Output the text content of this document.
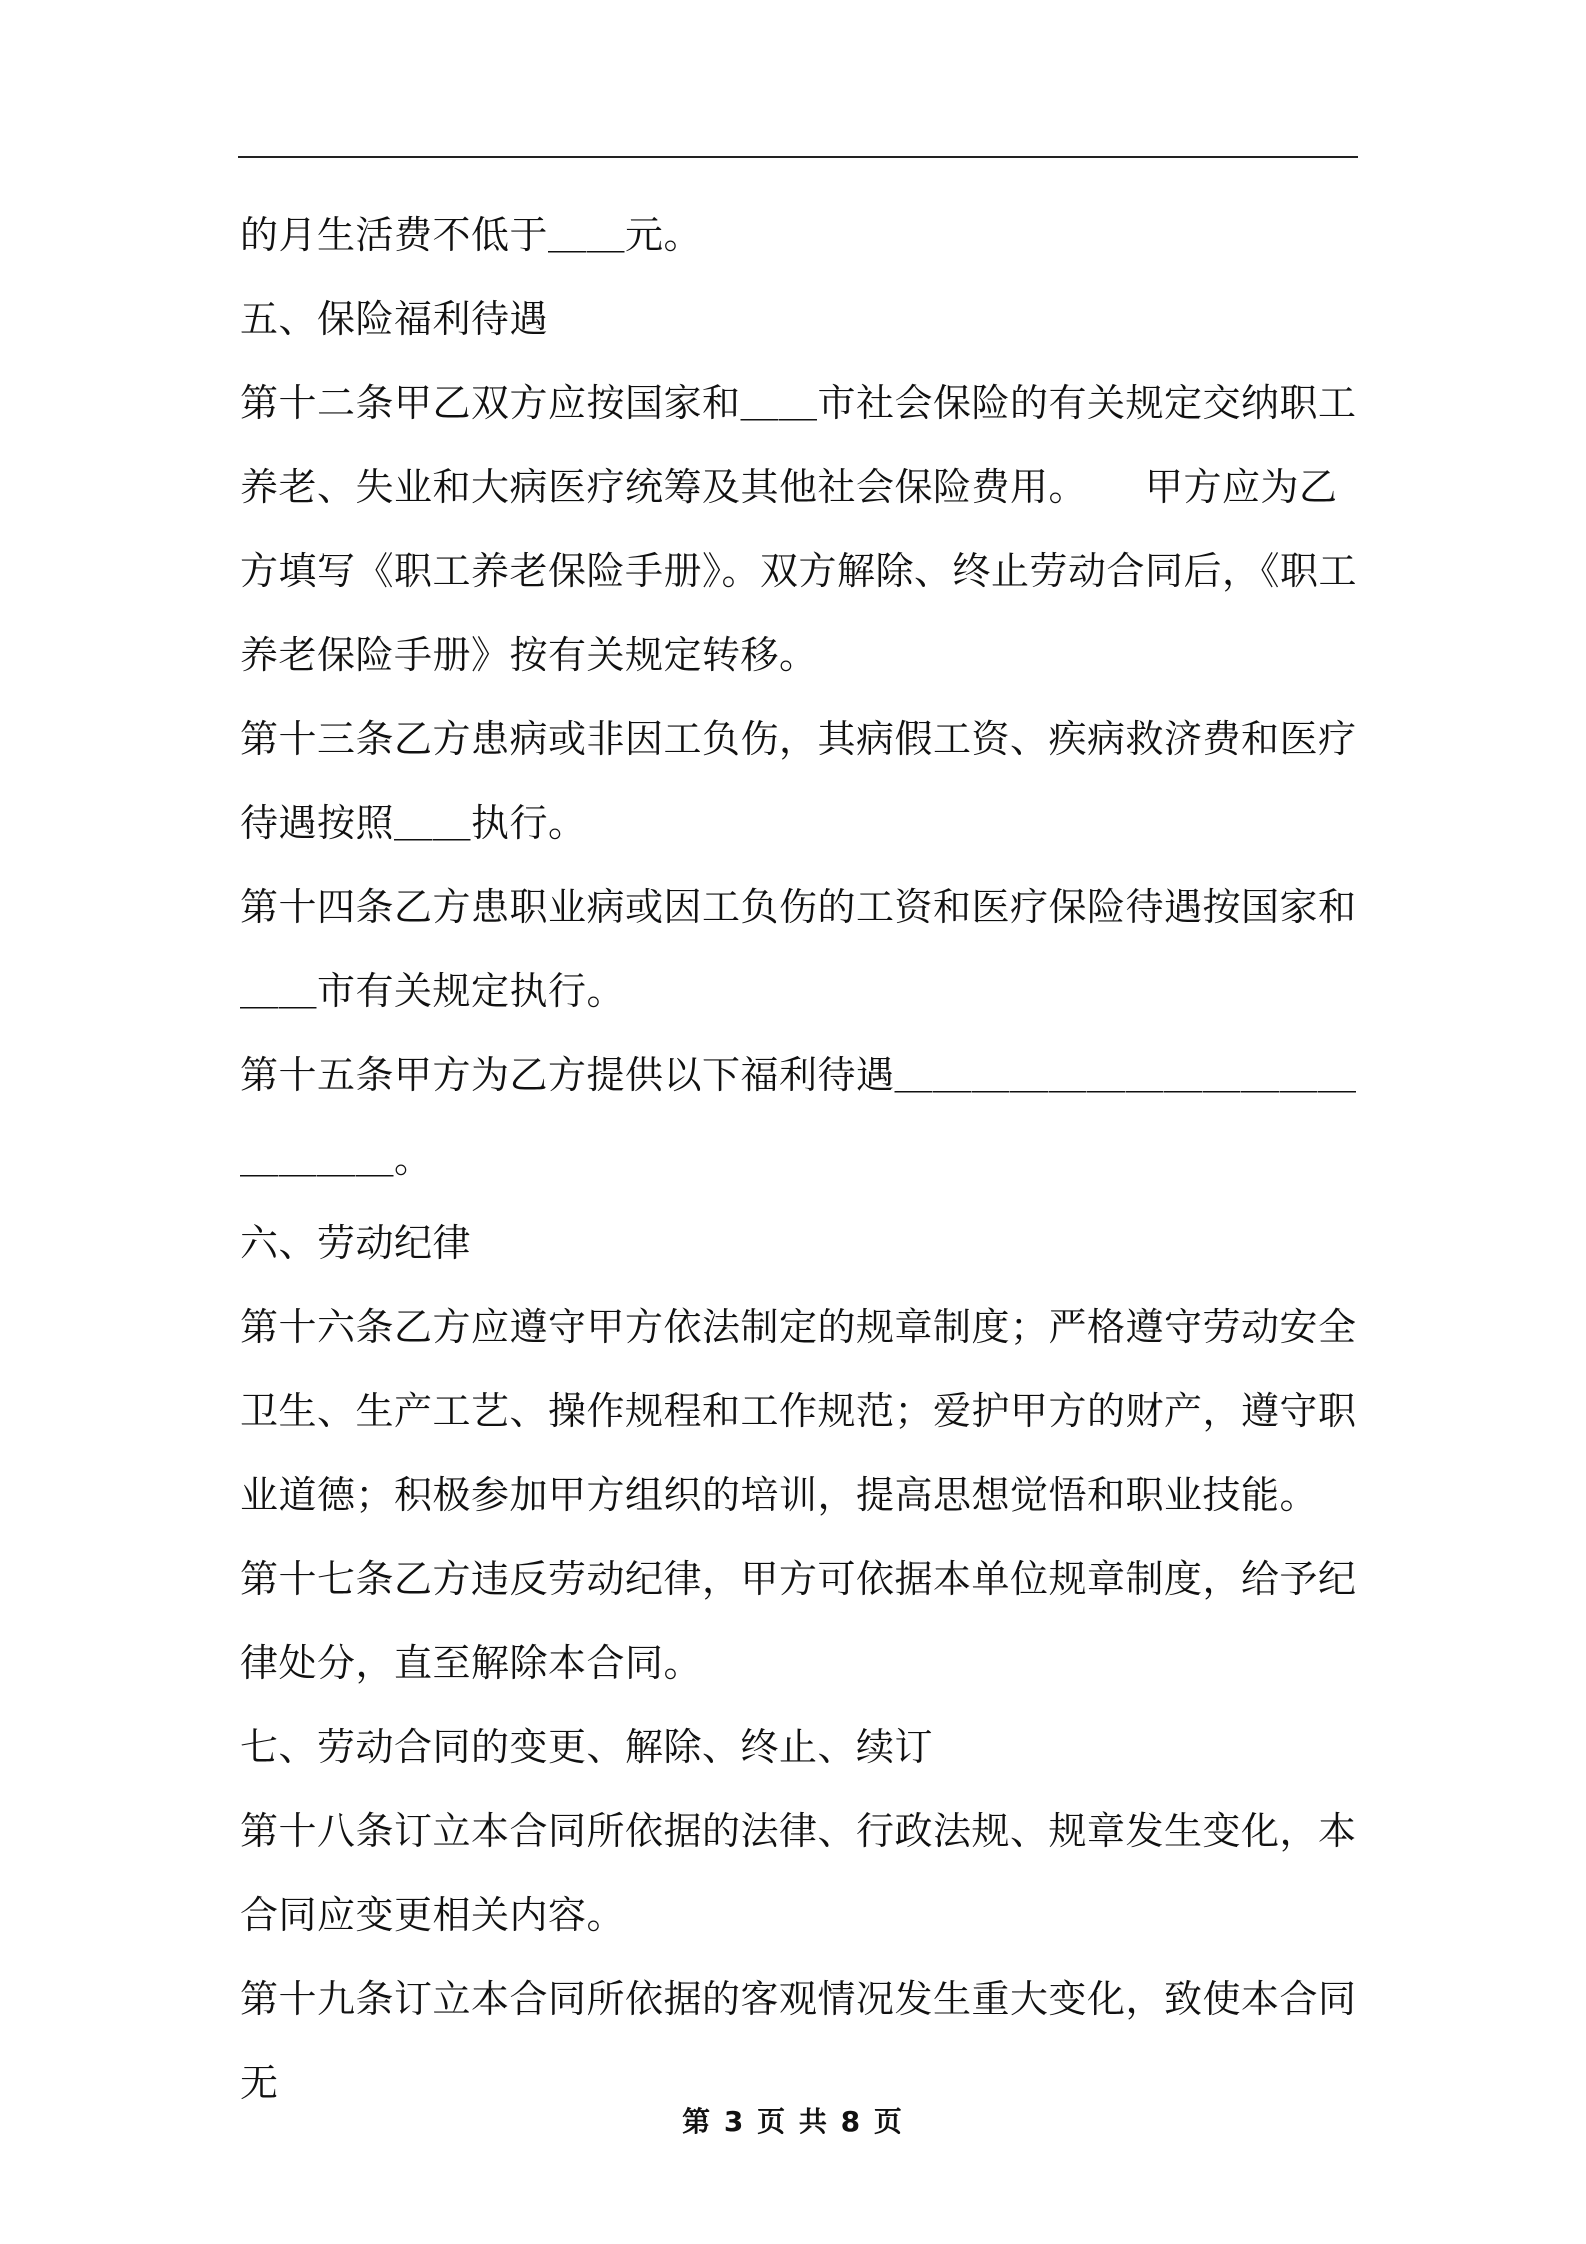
的月生活费不低于＿＿元。

五、保险福利待遇

第十二条甲乙双方应按国家和＿＿市社会保险的有关规定交纳职工养老、失业和大病医疗统筹及其他社会保险费用。　　甲方应为乙方填写《职工养老保险手册》。双方解除、终止劳动合同后，《职工养老保险手册》按有关规定转移。

第十三条乙方患病或非因工负伤，其病假工资、疾病救济费和医疗待遇按照＿＿执行。

第十四条乙方患职业病或因工负伤的工资和医疗保险待遇按国家和＿＿市有关规定执行。

第十五条甲方为乙方提供以下福利待遇＿＿＿＿＿＿＿＿＿＿＿＿＿＿＿＿。

六、劳动纪律

第十六条乙方应遵守甲方依法制定的规章制度；严格遵守劳动安全卫生、生产工艺、操作规程和工作规范；爱护甲方的财产，遵守职业道德；积极参加甲方组织的培训，提高思想觉悟和职业技能。

第十七条乙方违反劳动纪律，甲方可依据本单位规章制度，给予纪律处分，直至解除本合同。

七、劳动合同的变更、解除、终止、续订

第十八条订立本合同所依据的法律、行政法规、规章发生变化，本合同应变更相关内容。

第十九条订立本合同所依据的客观情况发生重大变化，致使本合同无

第 3 页 共 8 页
